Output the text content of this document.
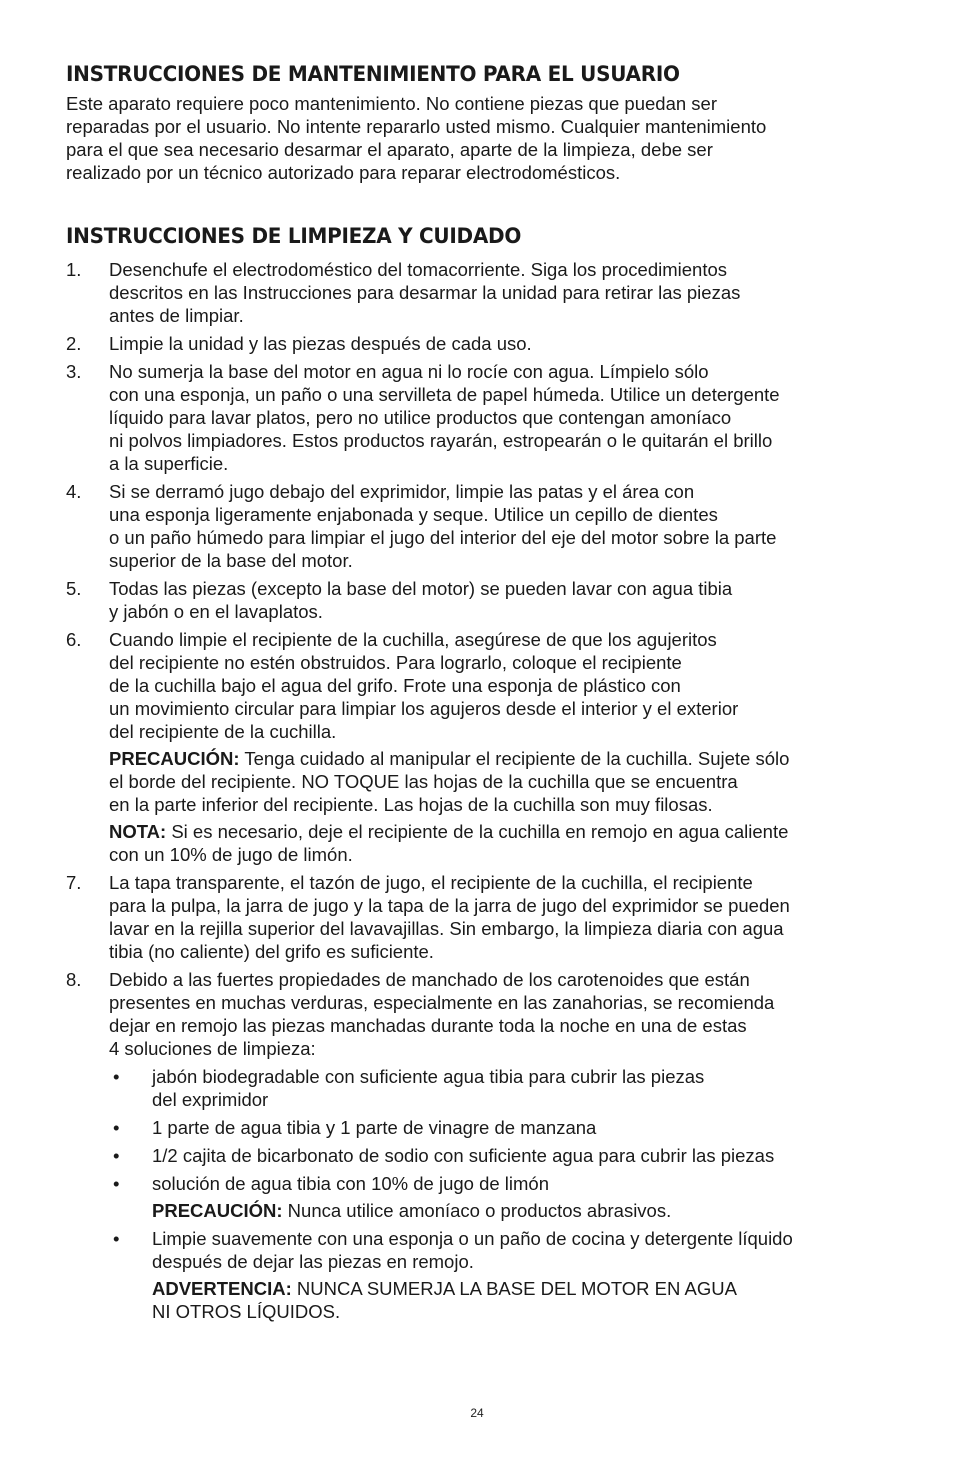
INSTRUCCIONES DE MANTENIMIENTO PARA EL USUARIO

Este aparato requiere poco mantenimiento. No contiene piezas que puedan ser
reparadas por el usuario. No intente repararlo usted mismo. Cualquier mantenimiento
para el que sea necesario desarmar el aparato, aparte de la limpieza, debe ser
realizado por un técnico autorizado para reparar electrodomésticos.

INSTRUCCIONES DE LIMPIEZA Y CUIDADO
1. Desenchufe el electrodoméstico del tomacorriente. Siga los procedimientos
descritos en las Instrucciones para desarmar la unidad para retirar las piezas
antes de limpiar.

2. Limpie la unidad y las piezas después de cada uso.

3. No sumerja la base del motor en agua ni lo rocíe con agua. Límpielo sólo
con una esponja, un paño o una servilleta de papel húmeda. Utilice un detergente
líquido para lavar platos, pero no utilice productos que contengan amoníaco
ni polvos limpiadores. Estos productos rayarán, estropearán o le quitarán el brillo
a la superficie.

4. Si se derramó jugo debajo del exprimidor, limpie las patas y el área con
una esponja ligeramente enjabonada y seque. Utilice un cepillo de dientes
o un paño húmedo para limpiar el jugo del interior del eje del motor sobre la parte
superior de la base del motor.

5. Todas las piezas (excepto la base del motor) se pueden lavar con agua tibia
y jabón o en el lavaplatos.

6. Cuando limpie el recipiente de la cuchilla, asegúrese de que los agujeritos
del recipiente no estén obstruidos. Para lograrlo, coloque el recipiente
de la cuchilla bajo el agua del grifo. Frote una esponja de plástico con
un movimiento circular para limpiar los agujeros desde el interior y el exterior
del recipiente de la cuchilla.

PRECAUCIÓN: Tenga cuidado al manipular el recipiente de la cuchilla. Sujete sólo
el borde del recipiente. NO TOQUE las hojas de la cuchilla que se encuentra
en la parte inferior del recipiente. Las hojas de la cuchilla son muy filosas.

NOTA: Si es necesario, deje el recipiente de la cuchilla en remojo en agua caliente
con un 10% de jugo de limón.

7. La tapa transparente, el tazón de jugo, el recipiente de la cuchilla, el recipiente
para la pulpa, la jarra de jugo y la tapa de la jarra de jugo del exprimidor se pueden
lavar en la rejilla superior del lavavajillas. Sin embargo, la limpieza diaria con agua
tibia (no caliente) del grifo es suficiente.

8. Debido a las fuertes propiedades de manchado de los carotenoides que están
presentes en muchas verduras, especialmente en las zanahorias, se recomienda
dejar en remojo las piezas manchadas durante toda la noche en una de estas
4 soluciones de limpieza:

• jabón biodegradable con suficiente agua tibia para cubrir las piezas
del exprimidor

• 1 parte de agua tibia y 1 parte de vinagre de manzana

• 1/2 cajita de bicarbonato de sodio con suficiente agua para cubrir las piezas

• solución de agua tibia con 10% de jugo de limón

PRECAUCIÓN: Nunca utilice amoníaco o productos abrasivos.

• Limpie suavemente con una esponja o un paño de cocina y detergente líquido
después de dejar las piezas en remojo.

ADVERTENCIA: NUNCA SUMERJA LA BASE DEL MOTOR EN AGUA
NI OTROS LÍQUIDOS.

24
